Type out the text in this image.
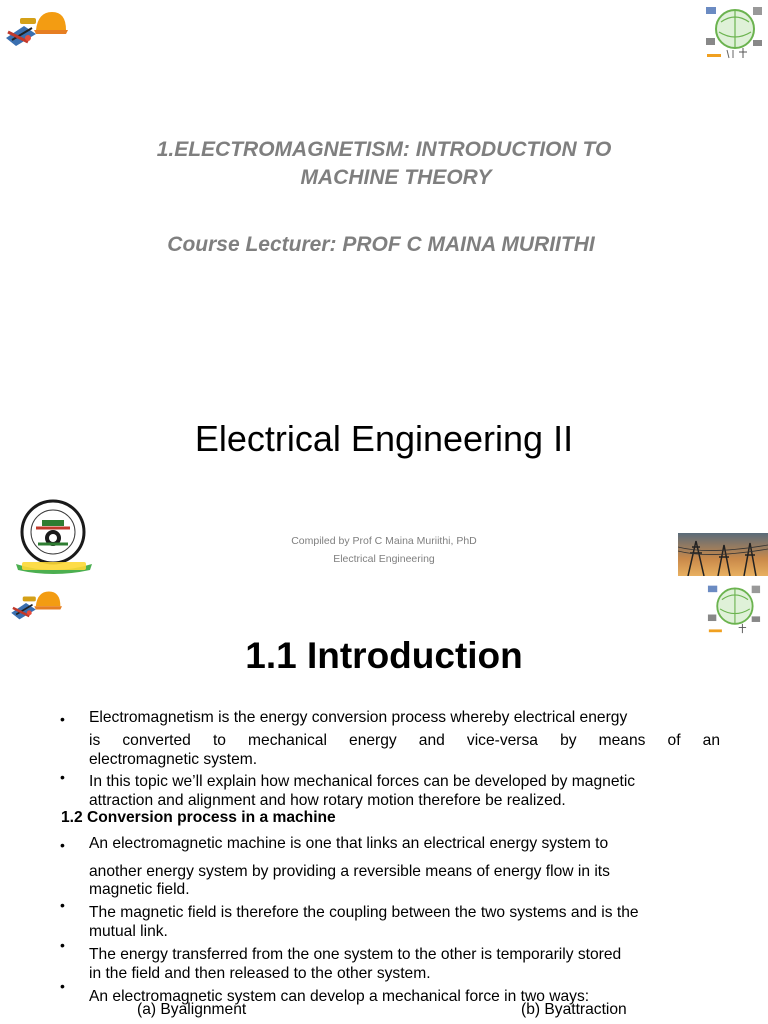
1.ELECTROMAGNETISM: INTRODUCTION TO
MACHINE THEORY
Course Lecturer: PROF C MAINA MURIITHI
Electrical Engineering II
Compiled by Prof C Maina Muriithi, PhD
Electrical Engineering
1.1 Introduction
• Electromagnetism is the energy conversion process whereby electrical energy
is converted to mechanical energy and vice-versa by means of an
electromagnetic system.
• In this topic we’ll explain how mechanical forces can be developed by magnetic
attraction and alignment and how rotary motion therefore be realized.
1.2 Conversion process in a machine
• An electromagnetic machine is one that links an electrical energy system to
another energy system by providing a reversible means of energy flow in its
magnetic field.
• The magnetic field is therefore the coupling between the two systems and is the
mutual link.
•
The energy transferred from the one system to the other is temporarily stored
in the field and then released to the other system.
•
An electromagnetic system can develop a mechanical force in two ways:
(a) Byalignment	(b) Byattraction
